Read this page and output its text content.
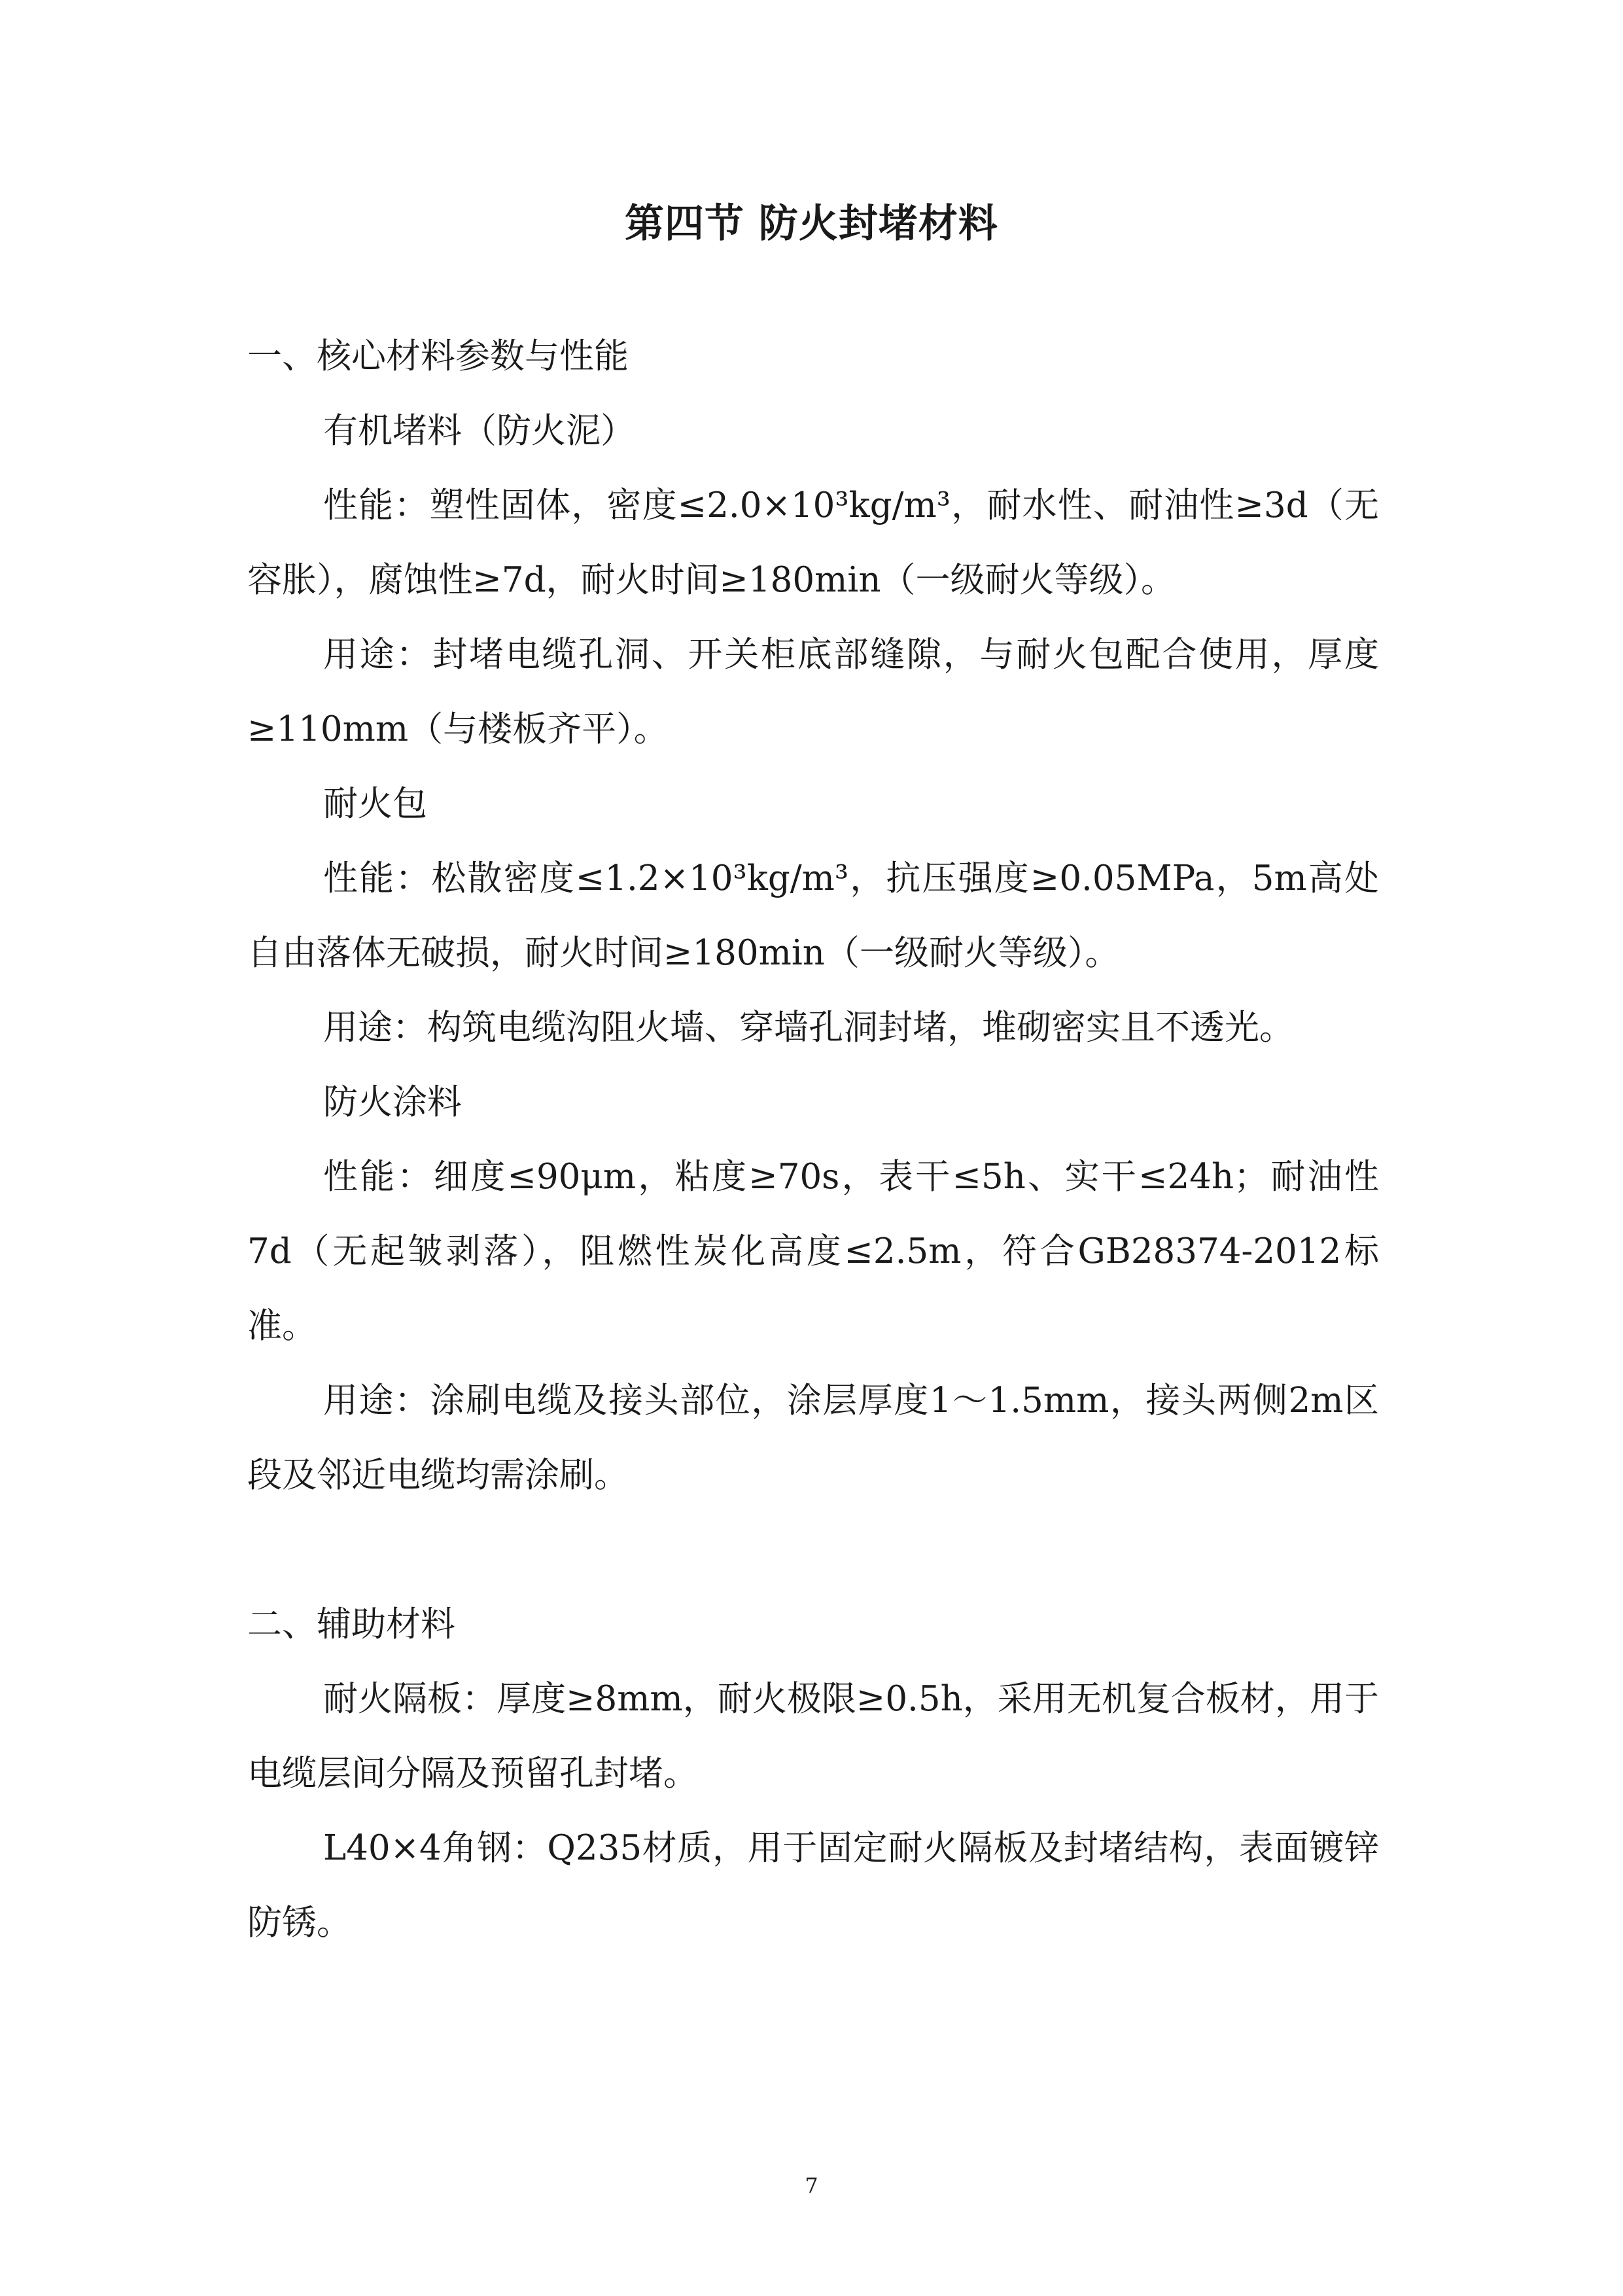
第四节 防火封堵材料
一、核心材料参数与性能
有机堵料（防火泥）
性能：塑性固体，密度≤2.0×10³kg/m³，耐水性、耐油性≥3d（无容胀），腐蚀性≥7d，耐火时间≥180min（一级耐火等级）。
用途：封堵电缆孔洞、开关柜底部缝隙，与耐火包配合使用，厚度≥110mm（与楼板齐平）。
耐火包
性能：松散密度≤1.2×10³kg/m³，抗压强度≥0.05MPa，5m高处自由落体无破损，耐火时间≥180min（一级耐火等级）。
用途：构筑电缆沟阻火墙、穿墙孔洞封堵，堆砌密实且不透光。
防火涂料
性能：细度≤90μm，粘度≥70s，表干≤5h、实干≤24h；耐油性7d（无起皱剥落），阻燃性炭化高度≤2.5m，符合GB28374-2012标准。
用途：涂刷电缆及接头部位，涂层厚度1～1.5mm，接头两侧2m区段及邻近电缆均需涂刷。
二、辅助材料
耐火隔板：厚度≥8mm，耐火极限≥0.5h，采用无机复合板材，用于电缆层间分隔及预留孔封堵。
L40×4角钢：Q235材质，用于固定耐火隔板及封堵结构，表面镀锌防锈。
7
